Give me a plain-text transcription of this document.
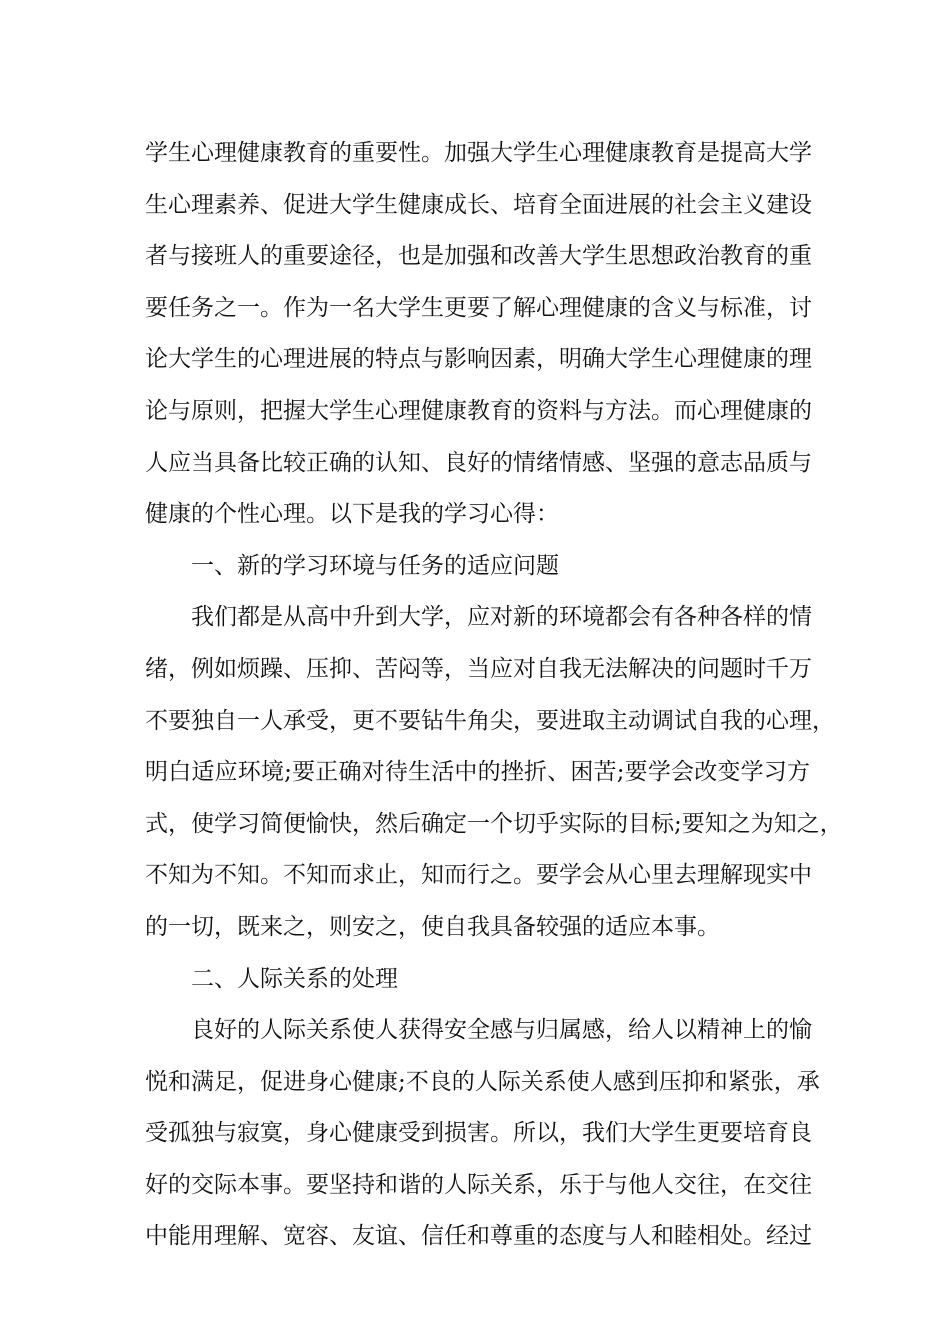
学生心理健康教育的重要性。加强大学生心理健康教育是提高大学
生心理素养、促进大学生健康成长、培育全面进展的社会主义建设
者与接班人的重要途径，也是加强和改善大学生思想政治教育的重
要任务之一。作为一名大学生更要了解心理健康的含义与标准，讨
论大学生的心理进展的特点与影响因素，明确大学生心理健康的理
论与原则，把握大学生心理健康教育的资料与方法。而心理健康的
人应当具备比较正确的认知、良好的情绪情感、坚强的意志品质与
健康的个性心理。以下是我的学习心得：
一、新的学习环境与任务的适应问题
我们都是从高中升到大学，应对新的环境都会有各种各样的情
绪，例如烦躁、压抑、苦闷等，当应对自我无法解决的问题时千万
不要独自一人承受，更不要钻牛角尖，要进取主动调试自我的心理，
明白适应环境;要正确对待生活中的挫折、困苦;要学会改变学习方
式，使学习简便愉快，然后确定一个切乎实际的目标;要知之为知之，
不知为不知。不知而求止，知而行之。要学会从心里去理解现实中
的一切，既来之，则安之，使自我具备较强的适应本事。
二、人际关系的处理
良好的人际关系使人获得安全感与归属感，给人以精神上的愉
悦和满足，促进身心健康;不良的人际关系使人感到压抑和紧张，承
受孤独与寂寞，身心健康受到损害。所以，我们大学生更要培育良
好的交际本事。要坚持和谐的人际关系，乐于与他人交往，在交往
中能用理解、宽容、友谊、信任和尊重的态度与人和睦相处。经过
